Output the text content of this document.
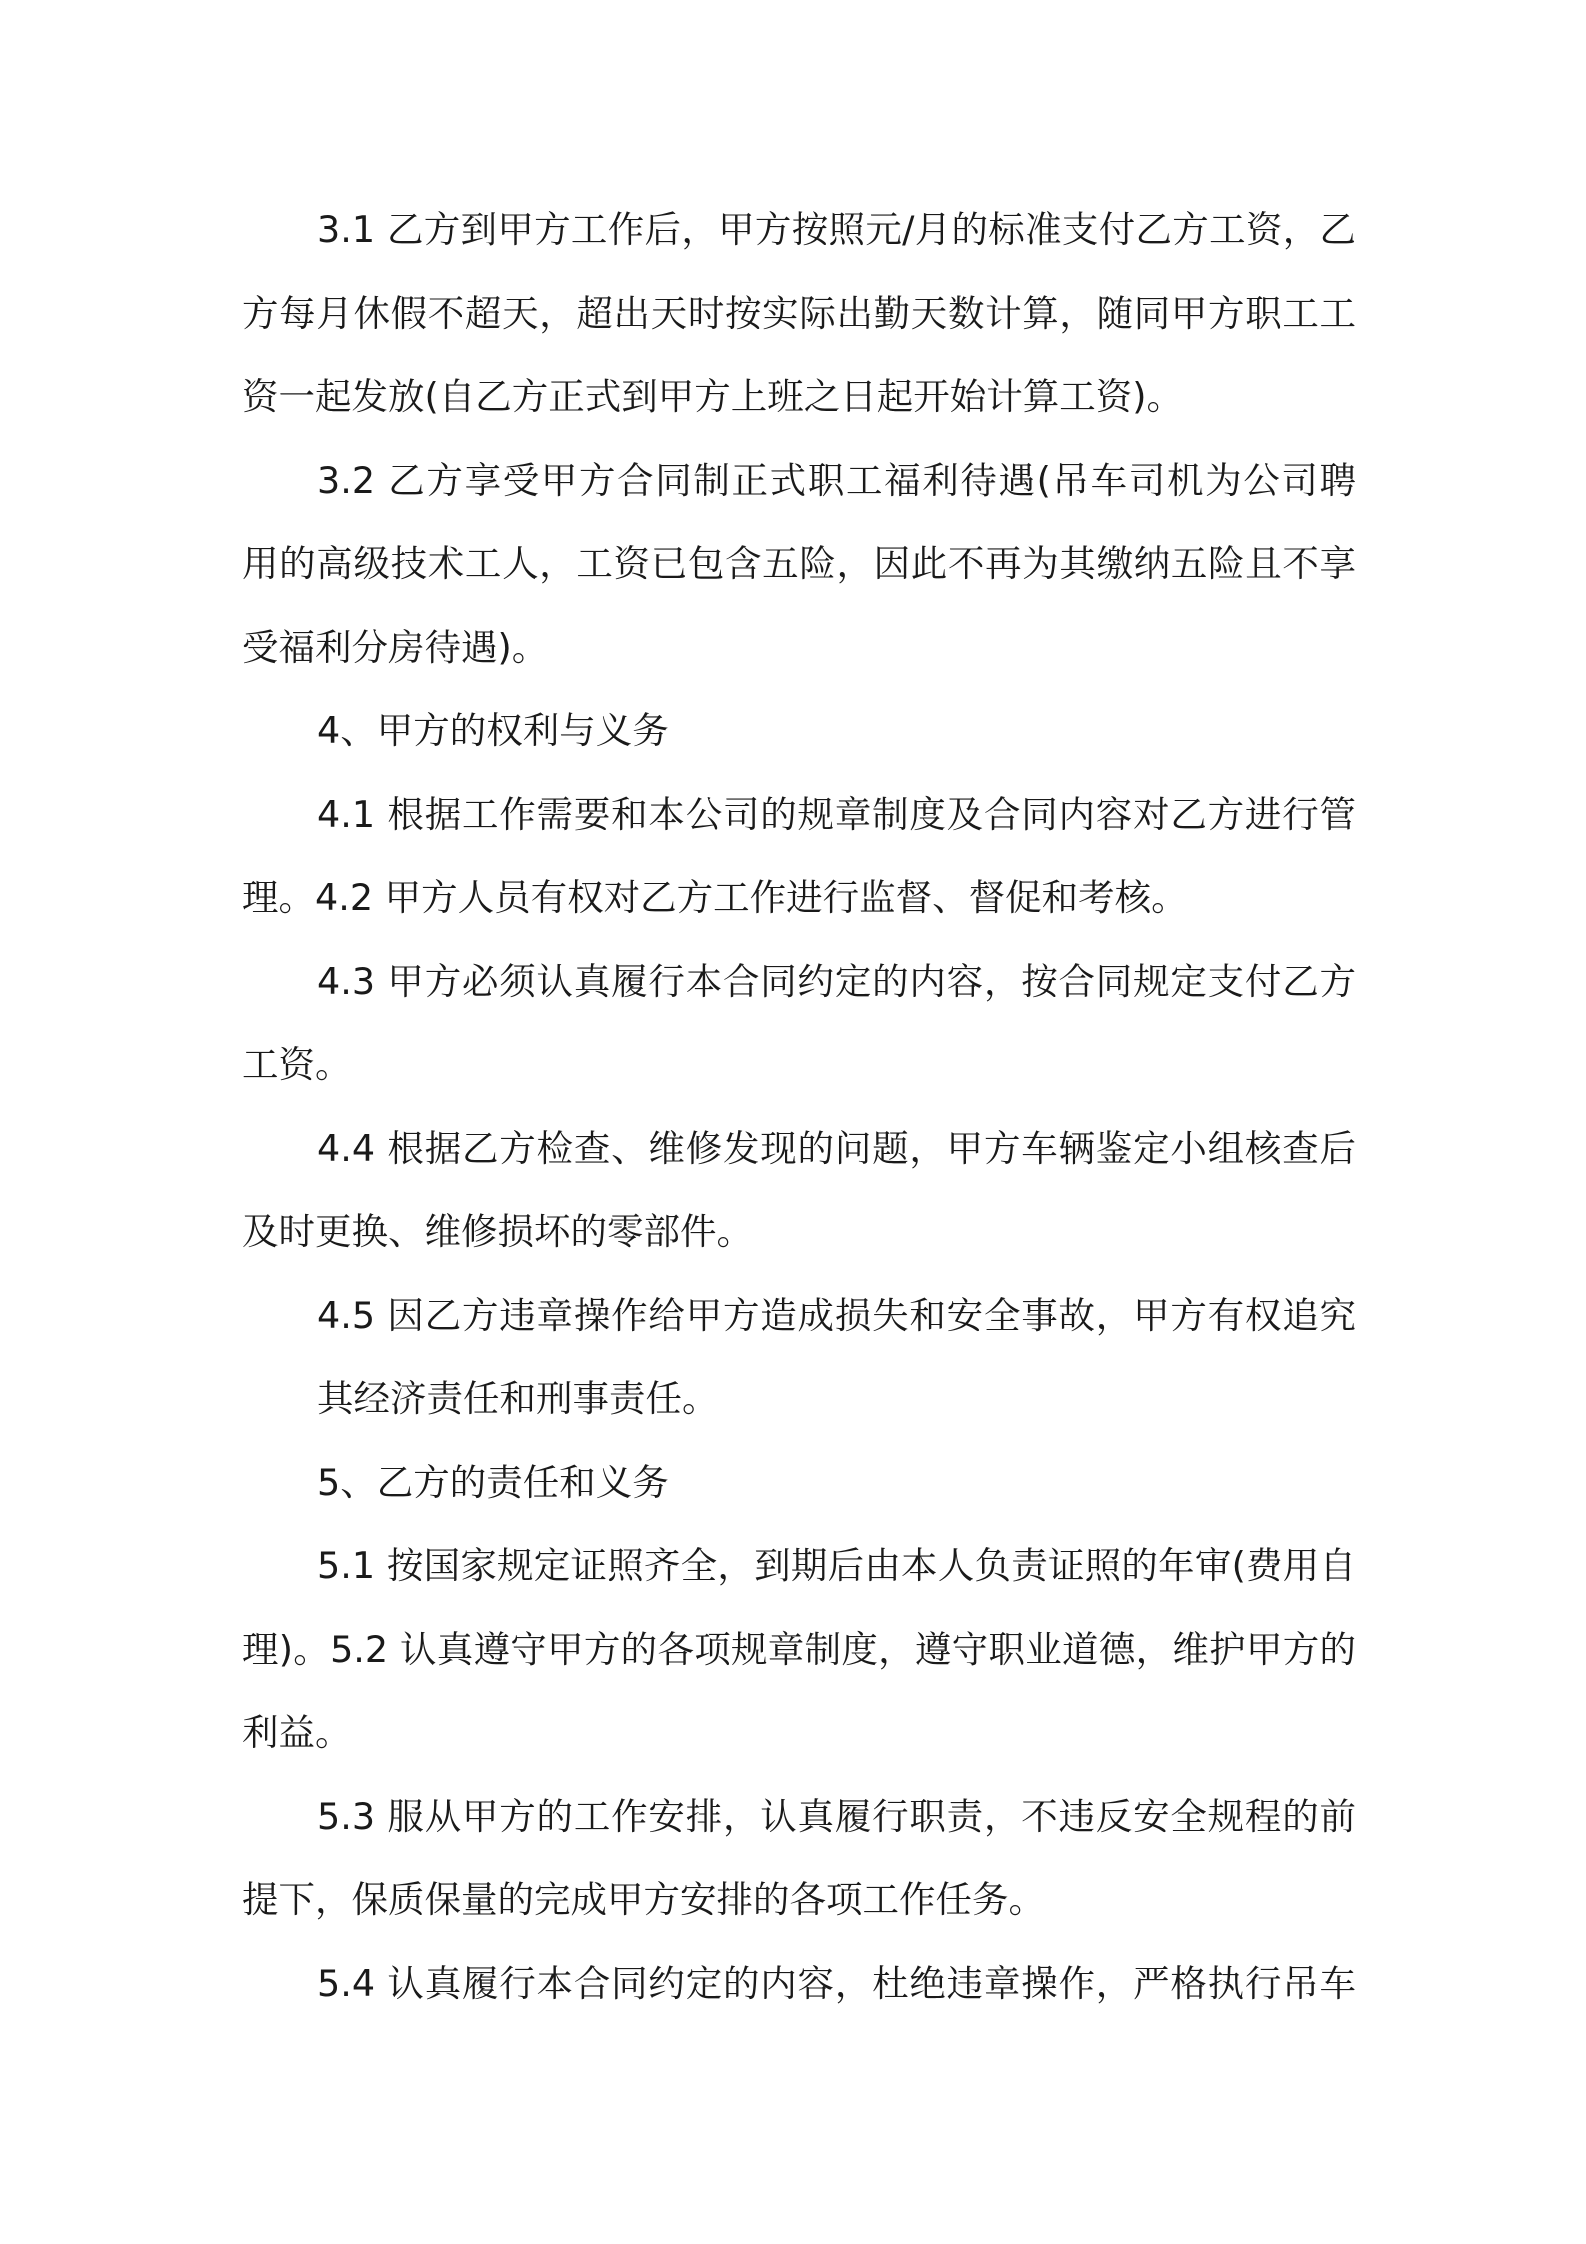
3.1 乙方到甲方工作后，甲方按照元/月的标准支付乙方工资，乙
方每月休假不超天，超出天时按实际出勤天数计算，随同甲方职工工
资一起发放(自乙方正式到甲方上班之日起开始计算工资)。
3.2 乙方享受甲方合同制正式职工福利待遇(吊车司机为公司聘
用的高级技术工人，工资已包含五险，因此不再为其缴纳五险且不享
受福利分房待遇)。
4、甲方的权利与义务
4.1 根据工作需要和本公司的规章制度及合同内容对乙方进行管
理。4.2 甲方人员有权对乙方工作进行监督、督促和考核。
4.3 甲方必须认真履行本合同约定的内容，按合同规定支付乙方
工资。
4.4 根据乙方检查、维修发现的问题，甲方车辆鉴定小组核查后
及时更换、维修损坏的零部件。
4.5 因乙方违章操作给甲方造成损失和安全事故，甲方有权追究
其经济责任和刑事责任。
5、乙方的责任和义务
5.1 按国家规定证照齐全，到期后由本人负责证照的年审(费用自
理)。5.2 认真遵守甲方的各项规章制度，遵守职业道德，维护甲方的
利益。
5.3 服从甲方的工作安排，认真履行职责，不违反安全规程的前
提下，保质保量的完成甲方安排的各项工作任务。
5.4 认真履行本合同约定的内容，杜绝违章操作，严格执行吊车
